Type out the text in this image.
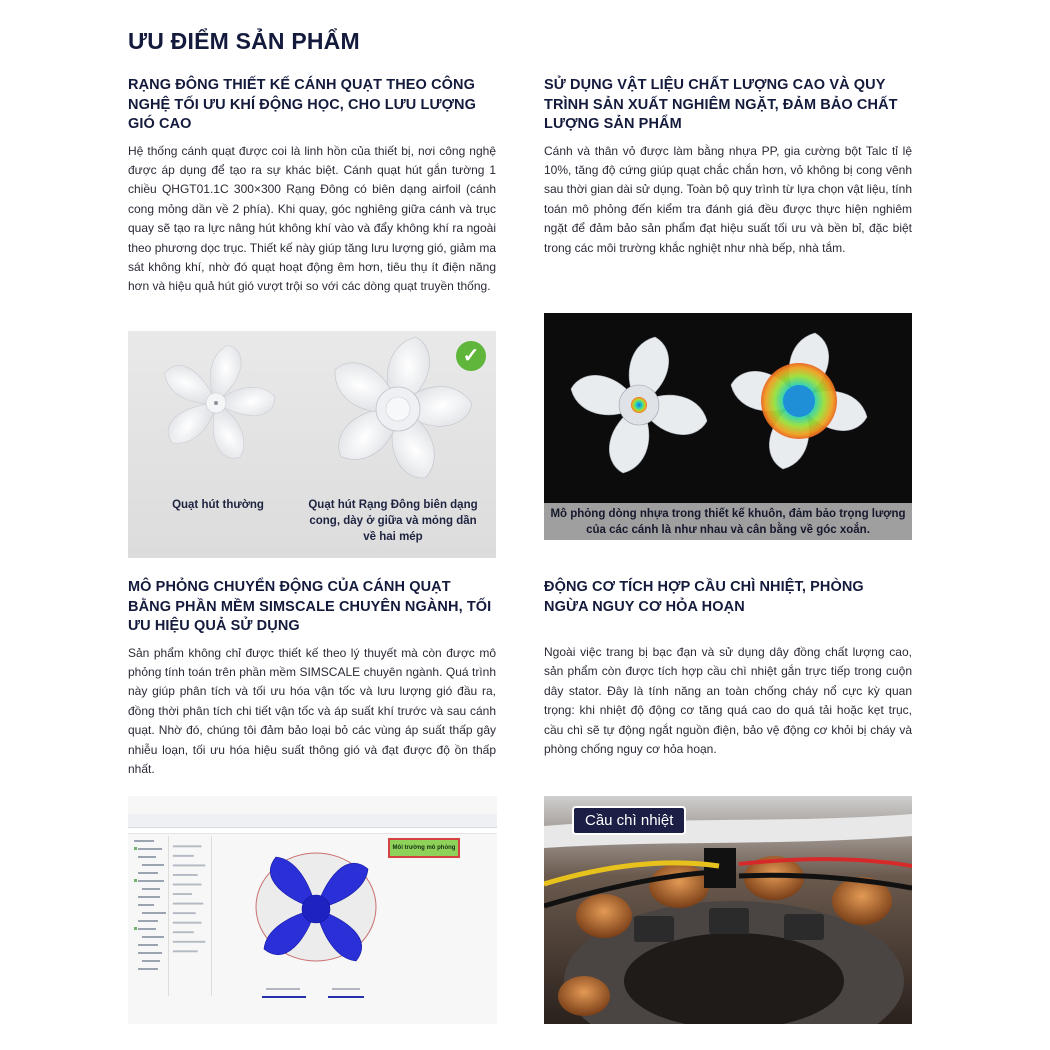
ƯU ĐIỂM SẢN PHẨM
RẠNG ĐÔNG THIẾT KẾ CÁNH QUẠT THEO CÔNG NGHỆ TỐI ƯU KHÍ ĐỘNG HỌC, CHO LƯU LƯỢNG GIÓ CAO
Hệ thống cánh quạt được coi là linh hồn của thiết bị, nơi công nghệ được áp dụng để tạo ra sự khác biệt. Cánh quạt hút gắn tường 1 chiều QHGT01.1C 300×300 Rạng Đông có biên dạng airfoil (cánh cong mỏng dần về 2 phía). Khi quay, góc nghiêng giữa cánh và trục quay sẽ tạo ra lực nâng hút không khí vào và đẩy không khí ra ngoài theo phương dọc trục. Thiết kế này giúp tăng lưu lượng gió, giảm ma sát không khí, nhờ đó quạt hoạt động êm hơn, tiêu thụ ít điện năng hơn và hiệu quả hút gió vượt trội so với các dòng quạt truyền thống.
SỬ DỤNG VẬT LIỆU CHẤT LƯỢNG CAO VÀ QUY TRÌNH SẢN XUẤT NGHIÊM NGẶT, ĐẢM BẢO CHẤT LƯỢNG SẢN PHẨM
Cánh và thân vỏ được làm bằng nhựa PP, gia cường bột Talc tỉ lệ 10%, tăng độ cứng giúp quạt chắc chắn hơn, vỏ không bị cong vênh sau thời gian dài sử dụng. Toàn bộ quy trình từ lựa chọn vật liệu, tính toán mô phỏng đến kiểm tra đánh giá đều được thực hiện nghiêm ngặt để đảm bảo sản phẩm đạt hiệu suất tối ưu và bền bỉ, đặc biệt trong các môi trường khắc nghiệt như nhà bếp, nhà tắm.
MÔ PHỎNG CHUYỂN ĐỘNG CỦA CÁNH QUẠT BẰNG PHẦN MỀM SIMSCALE CHUYÊN NGÀNH, TỐI ƯU HIỆU QUẢ SỬ DỤNG
Sản phẩm không chỉ được thiết kế theo lý thuyết mà còn được mô phỏng tính toán trên phần mềm SIMSCALE chuyên ngành. Quá trình này giúp phân tích và tối ưu hóa vận tốc và lưu lượng gió đầu ra, đồng thời phân tích chi tiết vận tốc và áp suất khí trước và sau cánh quạt. Nhờ đó, chúng tôi đảm bảo loại bỏ các vùng áp suất thấp gây nhiễu loạn, tối ưu hóa hiệu suất thông gió và đạt được độ ồn thấp nhất.
ĐỘNG CƠ TÍCH HỢP CẦU CHÌ NHIỆT, PHÒNG NGỪA NGUY CƠ HỎA HOẠN
Ngoài việc trang bị bạc đạn và sử dụng dây đồng chất lượng cao, sản phẩm còn được tích hợp cầu chì nhiệt gắn trực tiếp trong cuộn dây stator. Đây là tính năng an toàn chống cháy nổ cực kỳ quan trọng: khi nhiệt độ động cơ tăng quá cao do quá tải hoặc kẹt trục, cầu chì sẽ tự động ngắt nguồn điện, bảo vệ động cơ khỏi bị cháy và phòng chống nguy cơ hỏa hoạn.
✓
Quạt hút thường	Quạt hút Rạng Đông biên dạng cong, dày ở giữa và mỏng dần về hai mép
Mô phỏng dòng nhựa trong thiết kế khuôn, đảm bảo trọng lượng của các cánh là như nhau và cân bằng về góc xoắn.
Môi trường mô phỏng
Cầu chì nhiệt
